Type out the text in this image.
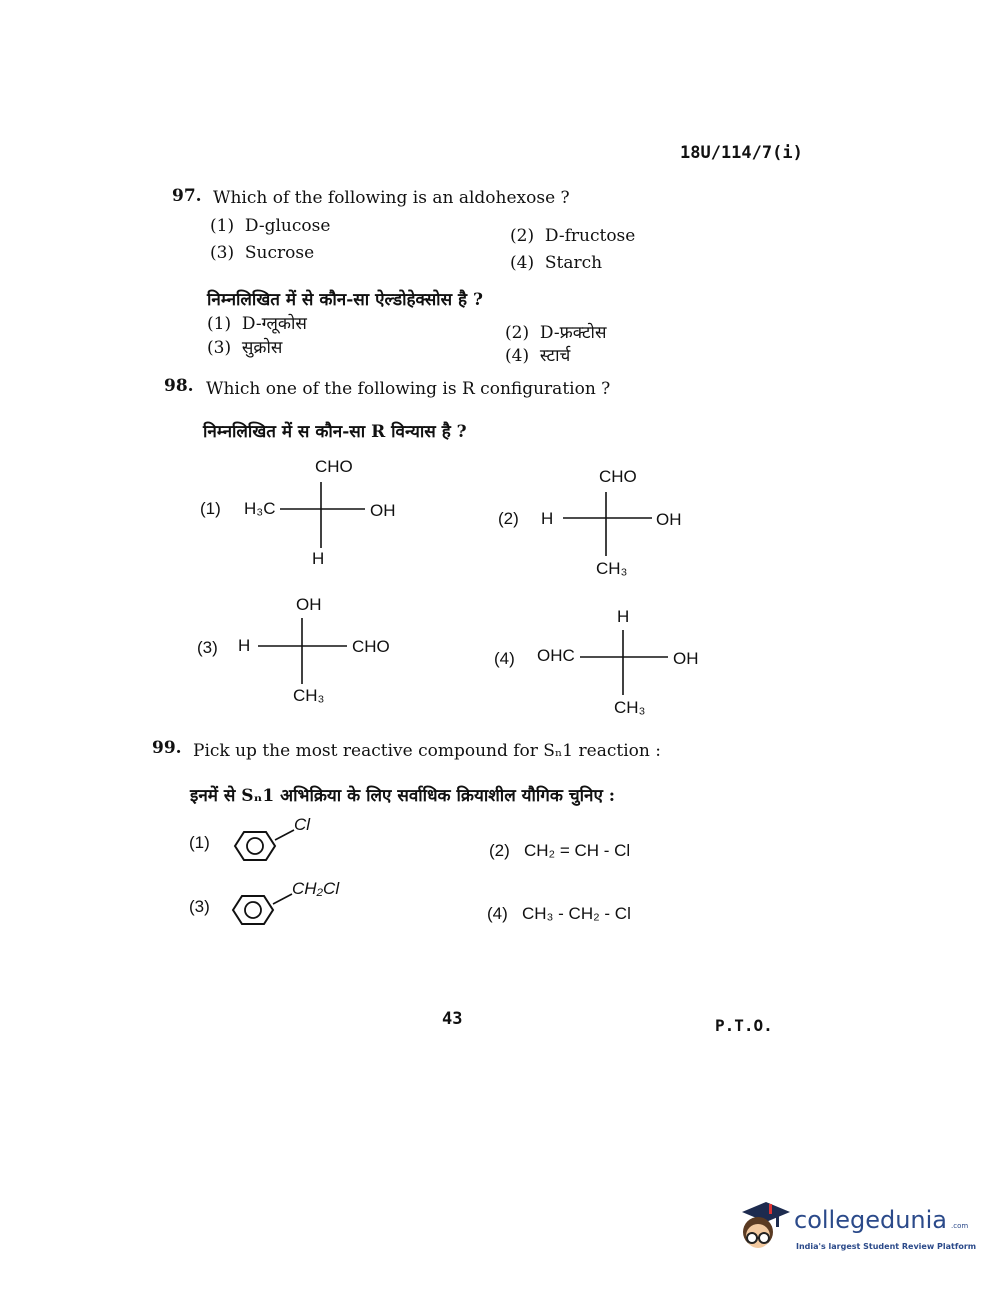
18U/114/7(i)
97. Which of the following is an aldohexose ?
(1) D-glucose	(2) D-fructose
(3) Sucrose	(4) Starch
निम्नलिखित में से कौन-सा ऐल्डोहेक्सोस है ?
(1) D-ग्लूकोस	(2) D-फ्रक्टोस
(3) सुक्रोस	(4) स्टार्च
98. Which one of the following is R configuration ?
निम्नलिखित में स कौन-सा R विन्यास है ?
(1)
CHO
H₃C	OH
H
(2)
CHO
H	OH
CH₃
(3)
OH
H	CHO
CH₃
(4)
H
OHC	OH
CH₃
99. Pick up the most reactive compound for Sₙ1 reaction :
इनमें से Sₙ1 अभिक्रिया के लिए सर्वाधिक क्रियाशील यौगिक चुनिए :
(1)
Cl
(3)
CH₂Cl
(2) CH₂ = CH - Cl
(4) CH₃ - CH₂ - Cl
43	P.T.O.
collegedunia .com
India's largest Student Review Platform
